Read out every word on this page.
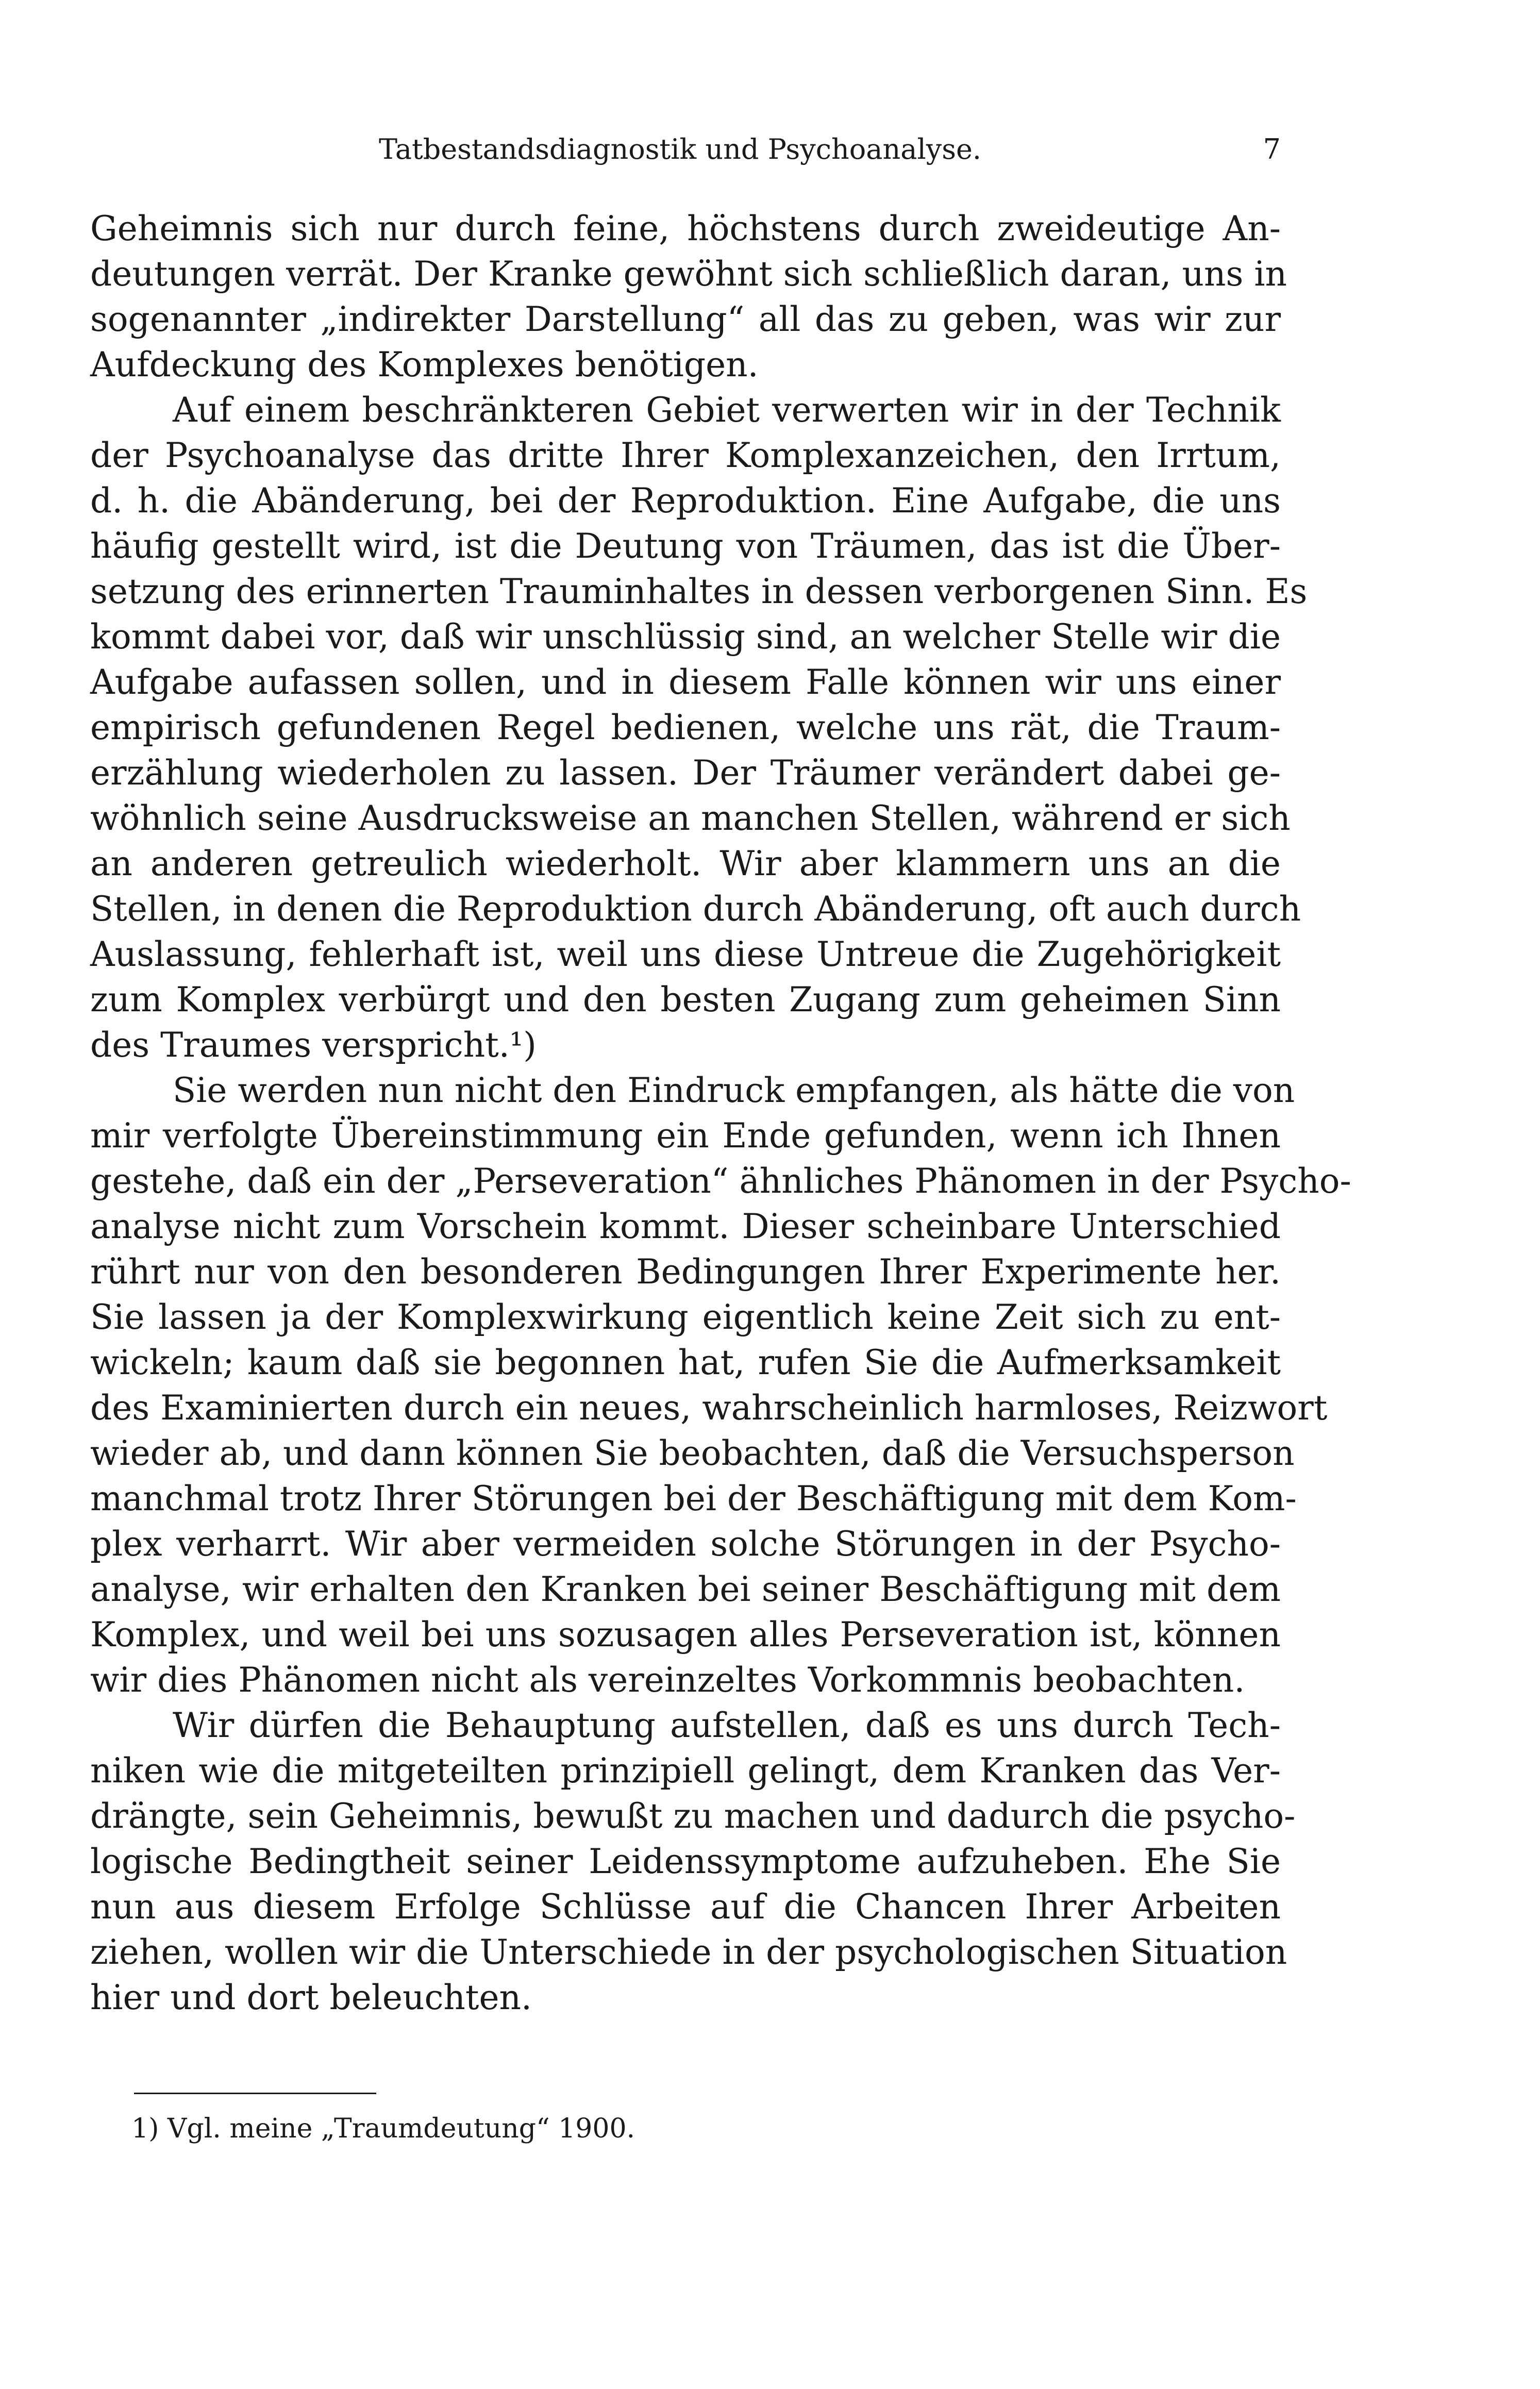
Tatbestandsdiagnostik und Psychoanalyse.	7
Geheimnis sich nur durch feine, höchstens durch zweideutige An-
deutungen verrät. Der Kranke gewöhnt sich schließlich daran, uns in
sogenannter „indirekter Darstellung“ all das zu geben, was wir zur
Aufdeckung des Komplexes benötigen.
Auf einem beschränkteren Gebiet verwerten wir in der Technik
der Psychoanalyse das dritte Ihrer Komplexanzeichen, den Irrtum,
d. h. die Abänderung, bei der Reproduktion. Eine Aufgabe, die uns
häufig gestellt wird, ist die Deutung von Träumen, das ist die Über-
setzung des erinnerten Trauminhaltes in dessen verborgenen Sinn. Es
kommt dabei vor, daß wir unschlüssig sind, an welcher Stelle wir die
Aufgabe aufassen sollen, und in diesem Falle können wir uns einer
empirisch gefundenen Regel bedienen, welche uns rät, die Traum-
erzählung wiederholen zu lassen. Der Träumer verändert dabei ge-
wöhnlich seine Ausdrucksweise an manchen Stellen, während er sich
an anderen getreulich wiederholt. Wir aber klammern uns an die
Stellen, in denen die Reproduktion durch Abänderung, oft auch durch
Auslassung, fehlerhaft ist, weil uns diese Untreue die Zugehörigkeit
zum Komplex verbürgt und den besten Zugang zum geheimen Sinn
des Traumes verspricht.¹)
Sie werden nun nicht den Eindruck empfangen, als hätte die von
mir verfolgte Übereinstimmung ein Ende gefunden, wenn ich Ihnen
gestehe, daß ein der „Perseveration“ ähnliches Phänomen in der Psycho-
analyse nicht zum Vorschein kommt. Dieser scheinbare Unterschied
rührt nur von den besonderen Bedingungen Ihrer Experimente her.
Sie lassen ja der Komplexwirkung eigentlich keine Zeit sich zu ent-
wickeln; kaum daß sie begonnen hat, rufen Sie die Aufmerksamkeit
des Examinierten durch ein neues, wahrscheinlich harmloses, Reizwort
wieder ab, und dann können Sie beobachten, daß die Versuchsperson
manchmal trotz Ihrer Störungen bei der Beschäftigung mit dem Kom-
plex verharrt. Wir aber vermeiden solche Störungen in der Psycho-
analyse, wir erhalten den Kranken bei seiner Beschäftigung mit dem
Komplex, und weil bei uns sozusagen alles Perseveration ist, können
wir dies Phänomen nicht als vereinzeltes Vorkommnis beobachten.
Wir dürfen die Behauptung aufstellen, daß es uns durch Tech-
niken wie die mitgeteilten prinzipiell gelingt, dem Kranken das Ver-
drängte, sein Geheimnis, bewußt zu machen und dadurch die psycho-
logische Bedingtheit seiner Leidenssymptome aufzuheben. Ehe Sie
nun aus diesem Erfolge Schlüsse auf die Chancen Ihrer Arbeiten
ziehen, wollen wir die Unterschiede in der psychologischen Situation
hier und dort beleuchten.
1) Vgl. meine „Traumdeutung“ 1900.
